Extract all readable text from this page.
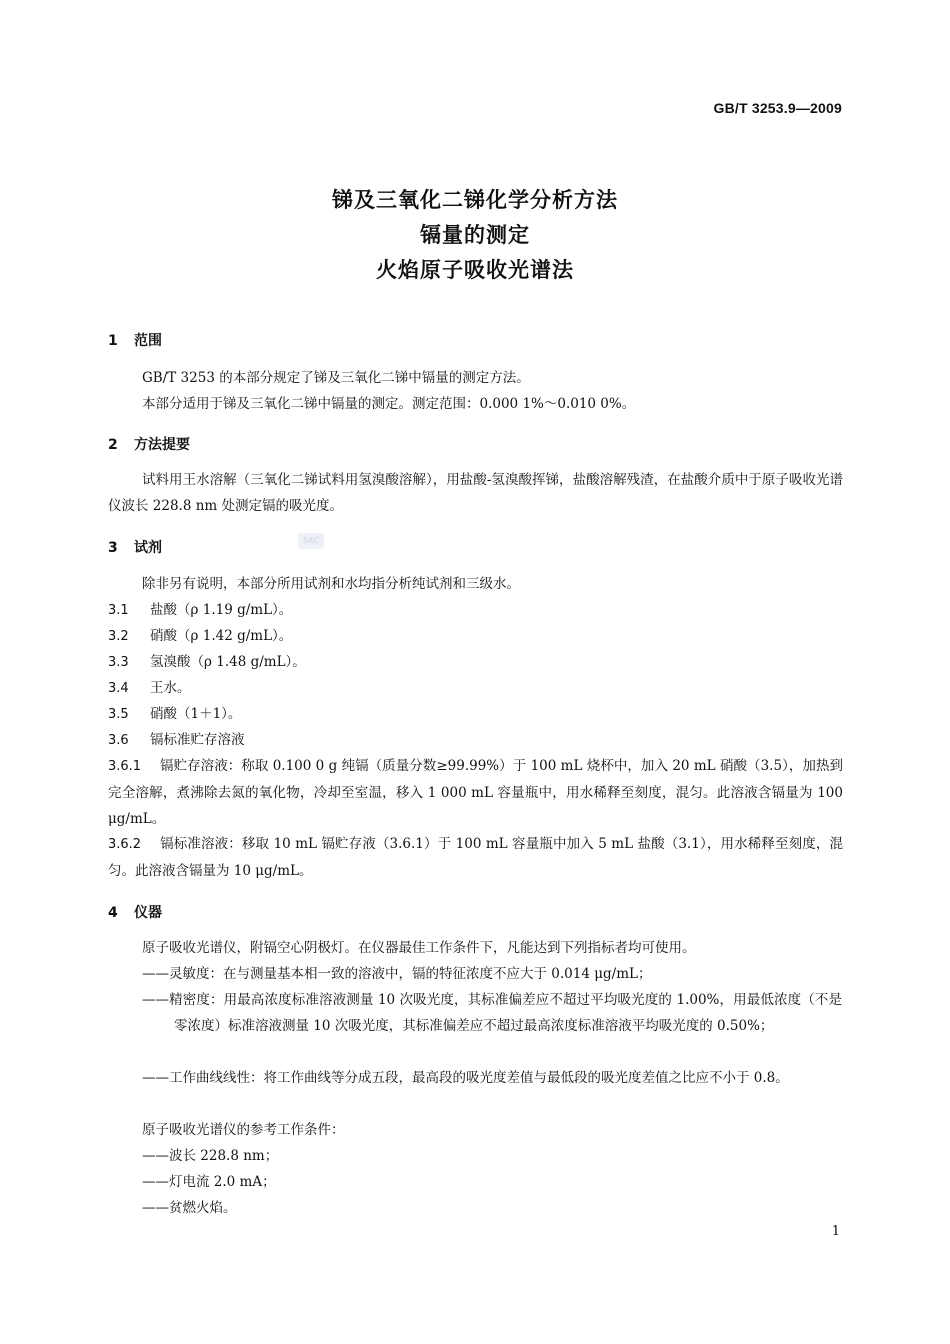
GB/T 3253.9—2009
锑及三氧化二锑化学分析方法
镉量的测定
火焰原子吸收光谱法
1 范围
GB/T 3253 的本部分规定了锑及三氧化二锑中镉量的测定方法。
本部分适用于锑及三氧化二锑中镉量的测定。测定范围：0.000 1%～0.010 0%。
2 方法提要
试料用王水溶解（三氧化二锑试料用氢溴酸溶解），用盐酸-氢溴酸挥锑，盐酸溶解残渣，在盐酸介质中于原子吸收光谱仪波长 228.8 nm 处测定镉的吸光度。
3 试剂	SAC
除非另有说明，本部分所用试剂和水均指分析纯试剂和三级水。
3.1 盐酸（ρ 1.19 g/mL）。
3.2 硝酸（ρ 1.42 g/mL）。
3.3 氢溴酸（ρ 1.48 g/mL）。
3.4 王水。
3.5 硝酸（1＋1）。
3.6 镉标准贮存溶液
3.6.1 镉贮存溶液：称取 0.100 0 g 纯镉（质量分数≥99.99%）于 100 mL 烧杯中，加入 20 mL 硝酸（3.5），加热到完全溶解，煮沸除去氮的氧化物，冷却至室温，移入 1 000 mL 容量瓶中，用水稀释至刻度，混匀。此溶液含镉量为 100 μg/mL。
3.6.2 镉标准溶液：移取 10 mL 镉贮存液（3.6.1）于 100 mL 容量瓶中加入 5 mL 盐酸（3.1），用水稀释至刻度，混匀。此溶液含镉量为 10 μg/mL。
4 仪器
原子吸收光谱仪，附镉空心阴极灯。在仪器最佳工作条件下，凡能达到下列指标者均可使用。
——灵敏度：在与测量基本相一致的溶液中，镉的特征浓度不应大于 0.014 μg/mL；
——精密度：用最高浓度标准溶液测量 10 次吸光度，其标准偏差应不超过平均吸光度的 1.00%，用最低浓度（不是零浓度）标准溶液测量 10 次吸光度，其标准偏差应不超过最高浓度标准溶液平均吸光度的 0.50%；
——工作曲线线性：将工作曲线等分成五段，最高段的吸光度差值与最低段的吸光度差值之比应不小于 0.8。
原子吸收光谱仪的参考工作条件：
——波长 228.8 nm；
——灯电流 2.0 mA；
——贫燃火焰。
1
